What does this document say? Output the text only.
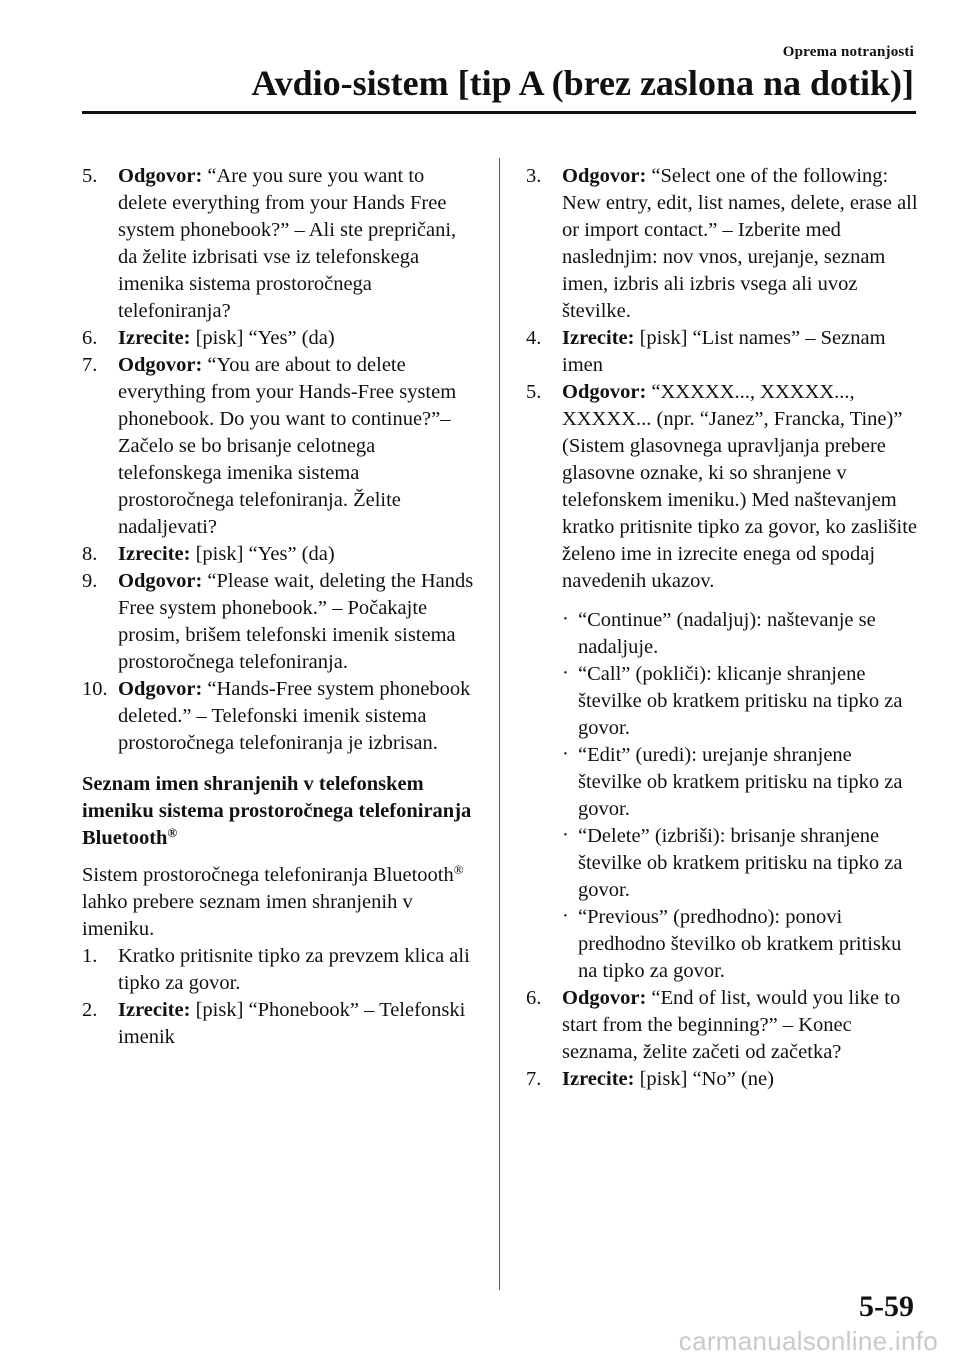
Oprema notranjosti
Avdio-sistem [tip A (brez zaslona na dotik)]
5. Odgovor: “Are you sure you want to delete everything from your Hands Free system phonebook?” – Ali ste prepričani, da želite izbrisati vse iz telefonskega imenika sistema prostoročnega telefoniranja?
6. Izrecite: [pisk] “Yes” (da)
7. Odgovor: “You are about to delete everything from your Hands-Free system phonebook. Do you want to continue?”– Začelo se bo brisanje celotnega telefonskega imenika sistema prostoročnega telefoniranja. Želite nadaljevati?
8. Izrecite: [pisk] “Yes” (da)
9. Odgovor: “Please wait, deleting the Hands Free system phonebook.” – Počakajte prosim, brišem telefonski imenik sistema prostoročnega telefoniranja.
10. Odgovor: “Hands-Free system phonebook deleted.” – Telefonski imenik sistema prostoročnega telefoniranja je izbrisan.
Seznam imen shranjenih v telefonskem imeniku sistema prostoročnega telefoniranja Bluetooth®

Sistem prostoročnega telefoniranja Bluetooth® lahko prebere seznam imen shranjenih v imeniku.

1. Kratko pritisnite tipko za prevzem klica ali tipko za govor.
2. Izrecite: [pisk] “Phonebook” – Telefonski imenik
3. Odgovor: “Select one of the following: New entry, edit, list names, delete, erase all or import contact.” – Izberite med naslednjim: nov vnos, urejanje, seznam imen, izbris ali izbris vsega ali uvoz številke.
4. Izrecite: [pisk] “List names” – Seznam imen
5. Odgovor: “XXXXX..., XXXXX..., XXXXX... (npr. “Janez”, Francka, Tine)” (Sistem glasovnega upravljanja prebere glasovne oznake, ki so shranjene v telefonskem imeniku.) Med naštevanjem kratko pritisnite tipko za govor, ko zaslišite želeno ime in izrecite enega od spodaj navedenih ukazov.
· “Continue” (nadaljuj): naštevanje se nadaljuje.
· “Call” (pokliči): klicanje shranjene številke ob kratkem pritisku na tipko za govor.
· “Edit” (uredi): urejanje shranjene številke ob kratkem pritisku na tipko za govor.
· “Delete” (izbriši): brisanje shranjene številke ob kratkem pritisku na tipko za govor.
· “Previous” (predhodno): ponovi predhodno številko ob kratkem pritisku na tipko za govor.
6. Odgovor: “End of list, would you like to start from the beginning?” – Konec seznama, želite začeti od začetka?
7. Izrecite: [pisk] “No” (ne)
5-59
carmanualsonline.info
